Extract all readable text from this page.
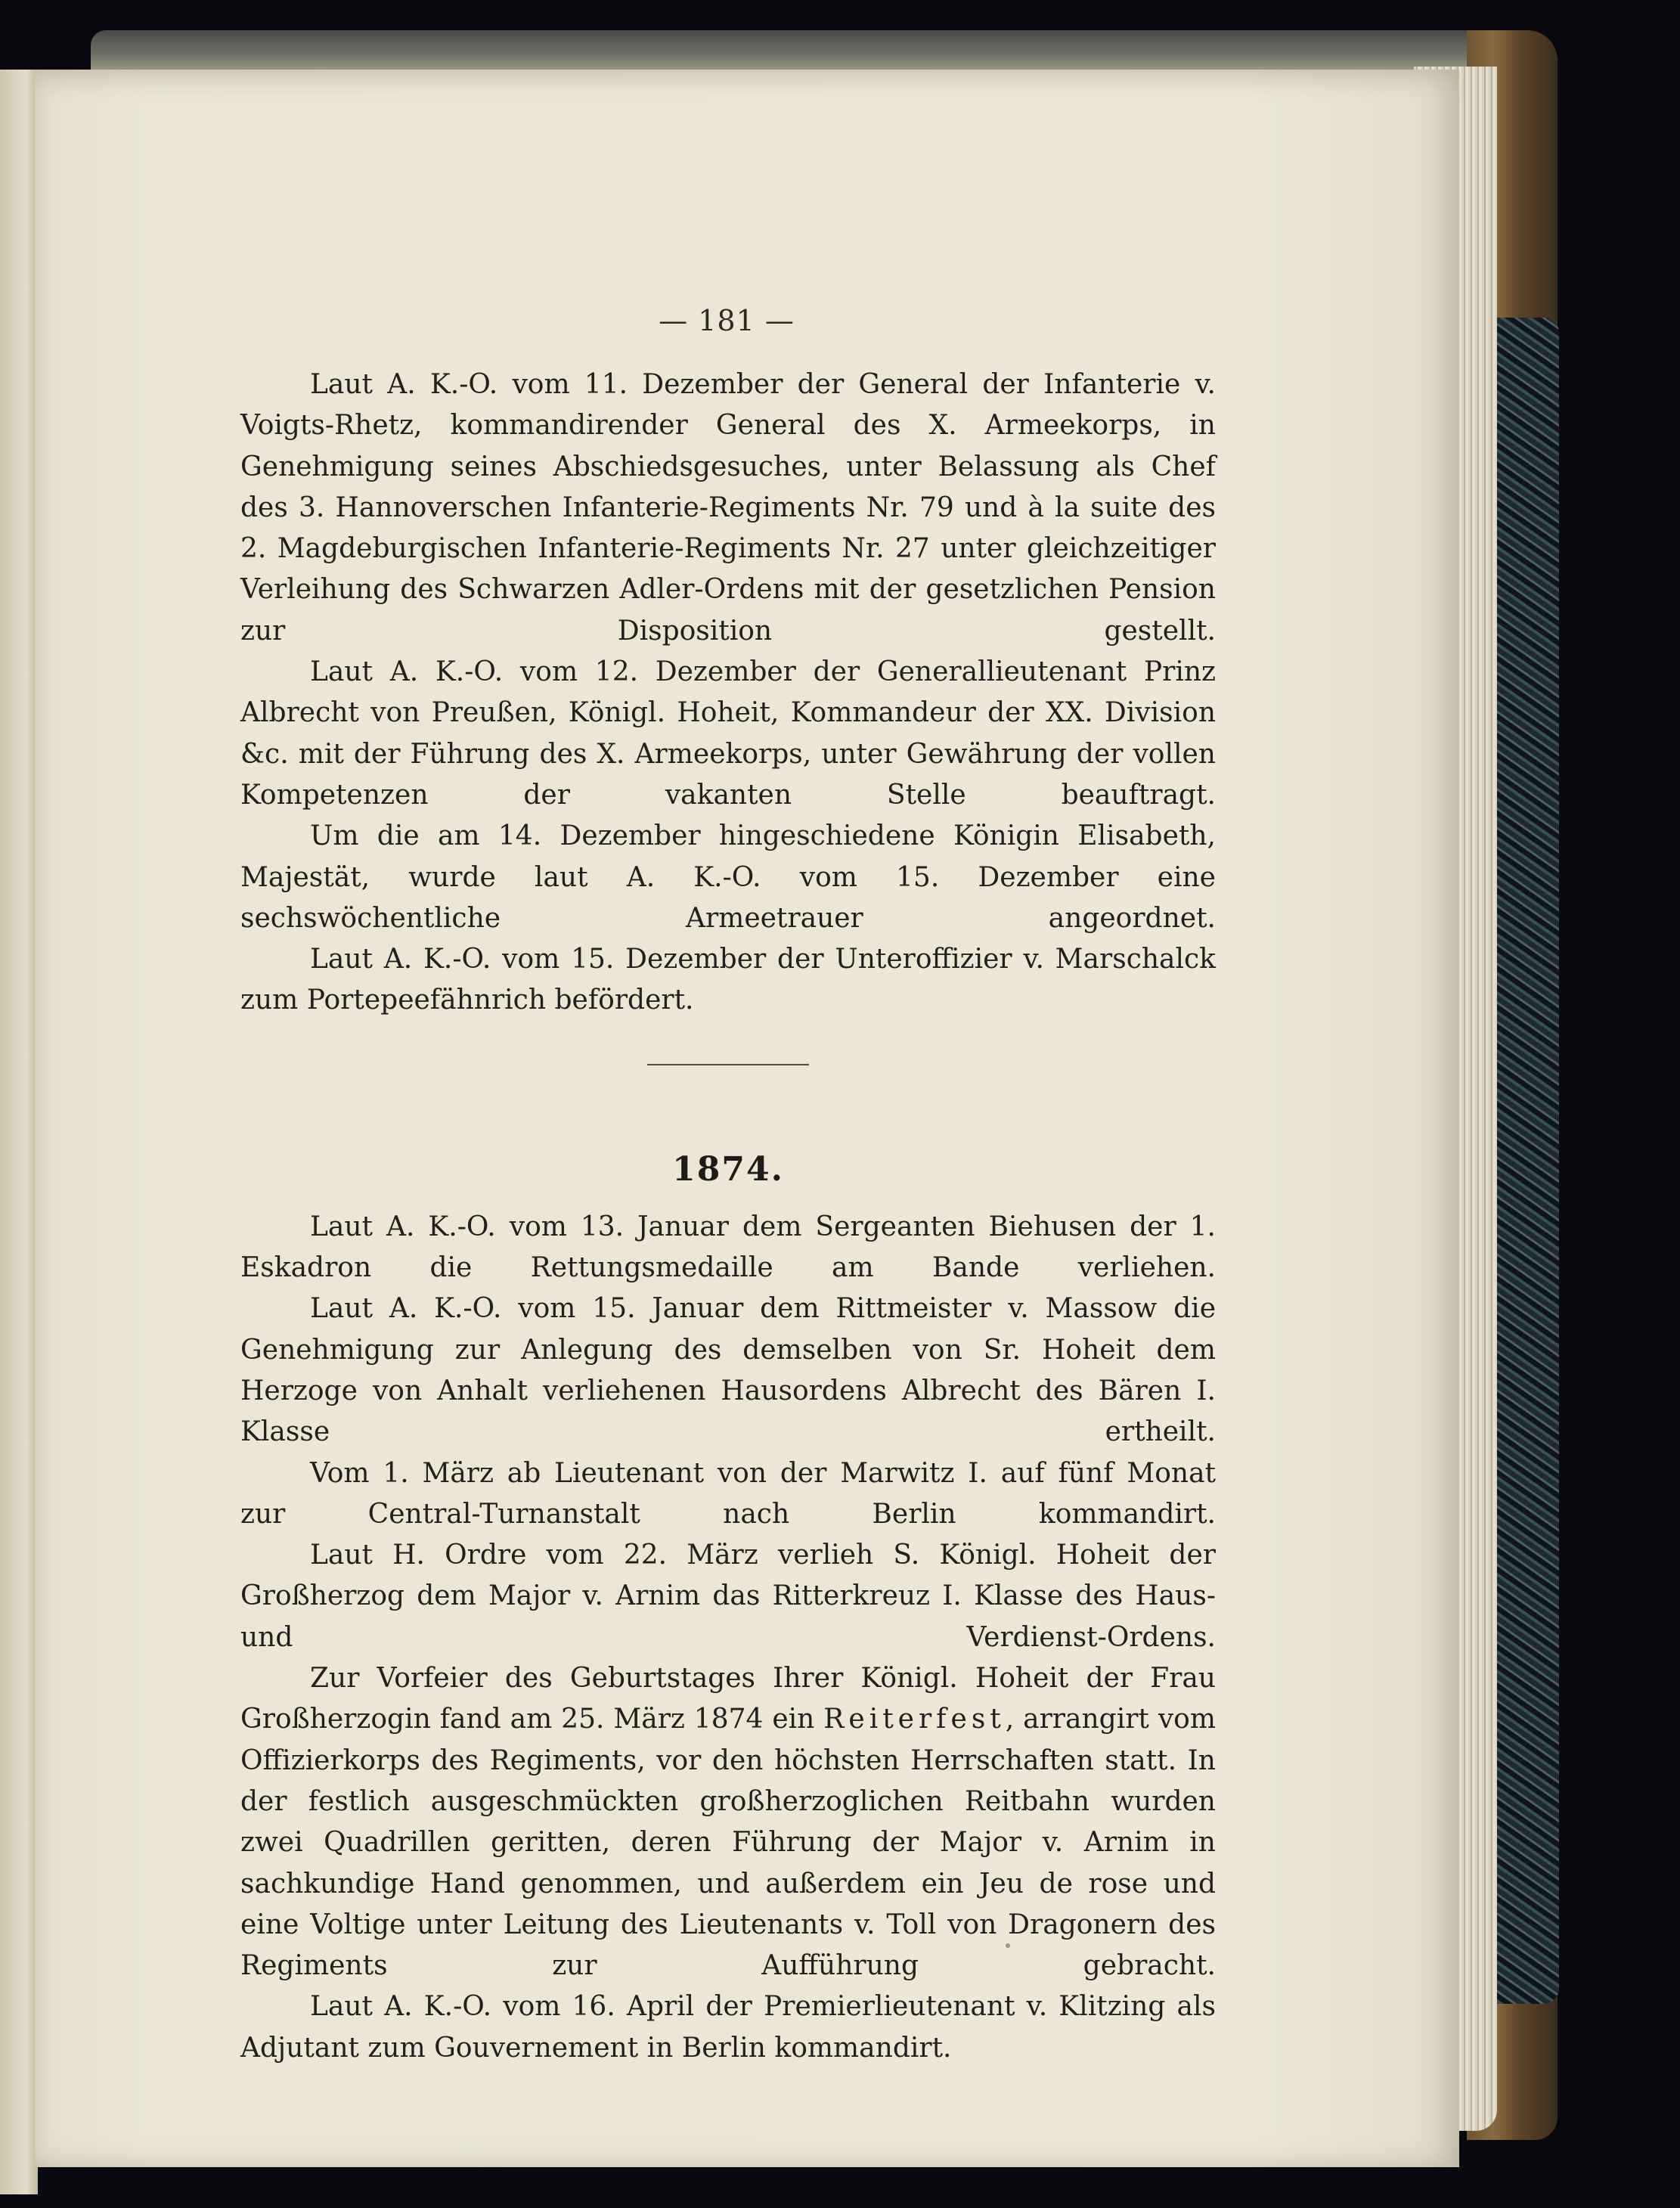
— 181 —

Laut A. K.-O. vom 11. Dezember der General der Infanterie v. Voigts-Rhetz, kommandirender General des X. Armeekorps, in Genehmigung seines Abschiedsgesuches, unter Belassung als Chef des 3. Hannoverschen Infanterie-Regiments Nr. 79 und à la suite des 2. Magdeburgischen Infanterie-Regiments Nr. 27 unter gleichzeitiger Verleihung des Schwarzen Adler-Ordens mit der gesetzlichen Pension zur Disposition gestellt.

Laut A. K.-O. vom 12. Dezember der Generallieutenant Prinz Albrecht von Preußen, Königl. Hoheit, Kommandeur der XX. Division &c. mit der Führung des X. Armeekorps, unter Gewährung der vollen Kompetenzen der vakanten Stelle beauftragt.

Um die am 14. Dezember hingeschiedene Königin Elisabeth, Majestät, wurde laut A. K.-O. vom 15. Dezember eine sechswöchentliche Armeetrauer angeordnet.

Laut A. K.-O. vom 15. Dezember der Unteroffizier v. Marschalck zum Portepeefähnrich befördert.

1874.

Laut A. K.-O. vom 13. Januar dem Sergeanten Biehusen der 1. Eskadron die Rettungsmedaille am Bande verliehen.

Laut A. K.-O. vom 15. Januar dem Rittmeister v. Massow die Genehmigung zur Anlegung des demselben von Sr. Hoheit dem Herzoge von Anhalt verliehenen Hausordens Albrecht des Bären I. Klasse ertheilt.

Vom 1. März ab Lieutenant von der Marwitz I. auf fünf Monat zur Central-Turnanstalt nach Berlin kommandirt.

Laut H. Ordre vom 22. März verlieh S. Königl. Hoheit der Großherzog dem Major v. Arnim das Ritterkreuz I. Klasse des Haus- und Verdienst-Ordens.

Zur Vorfeier des Geburtstages Ihrer Königl. Hoheit der Frau Großherzogin fand am 25. März 1874 ein Reiterfest, arrangirt vom Offizierkorps des Regiments, vor den höchsten Herrschaften statt. In der festlich ausgeschmückten großherzoglichen Reitbahn wurden zwei Quadrillen geritten, deren Führung der Major v. Arnim in sachkundige Hand genommen, und außerdem ein Jeu de rose und eine Voltige unter Leitung des Lieutenants v. Toll von Dragonern des Regiments zur Aufführung gebracht.

Laut A. K.-O. vom 16. April der Premierlieutenant v. Klitzing als Adjutant zum Gouvernement in Berlin kommandirt.
